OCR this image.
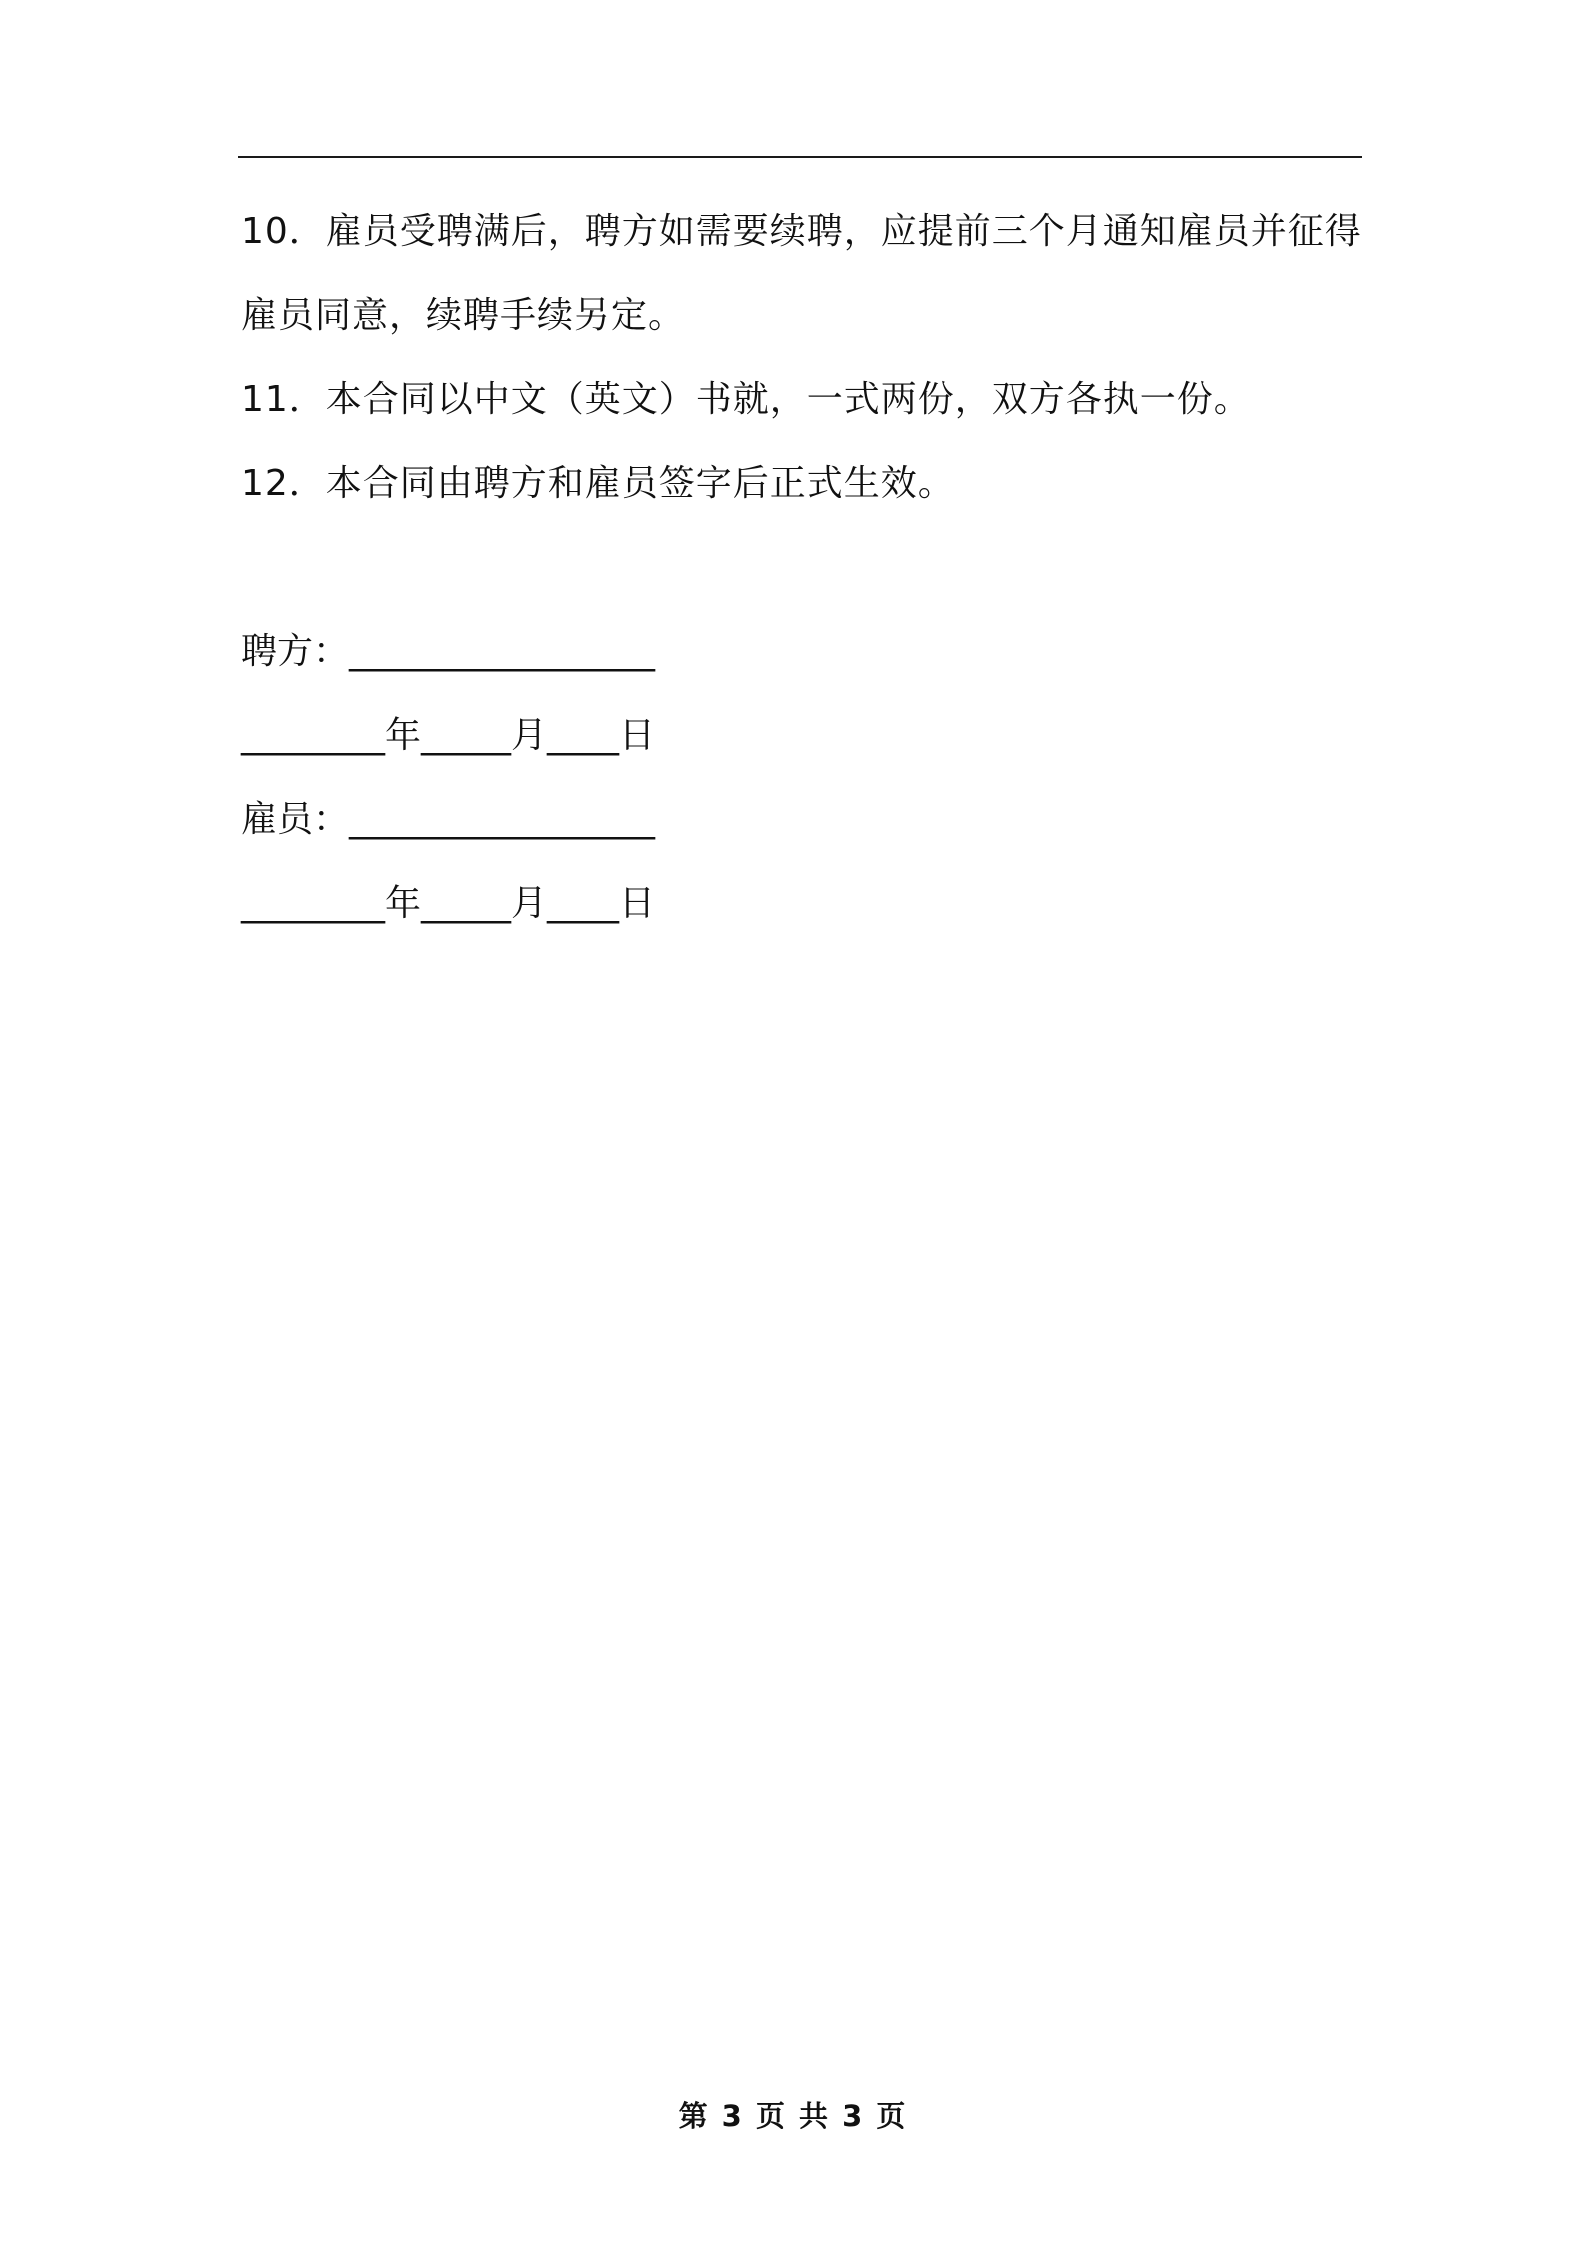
10．雇员受聘满后，聘方如需要续聘，应提前三个月通知雇员并征得雇员同意，续聘手续另定。

11．本合同以中文（英文）书就，一式两份，双方各执一份。

12．本合同由聘方和雇员签字后正式生效。

聘方：_________________

________年_____月____日

雇员：_________________

________年_____月____日

第 3 页 共 3 页
